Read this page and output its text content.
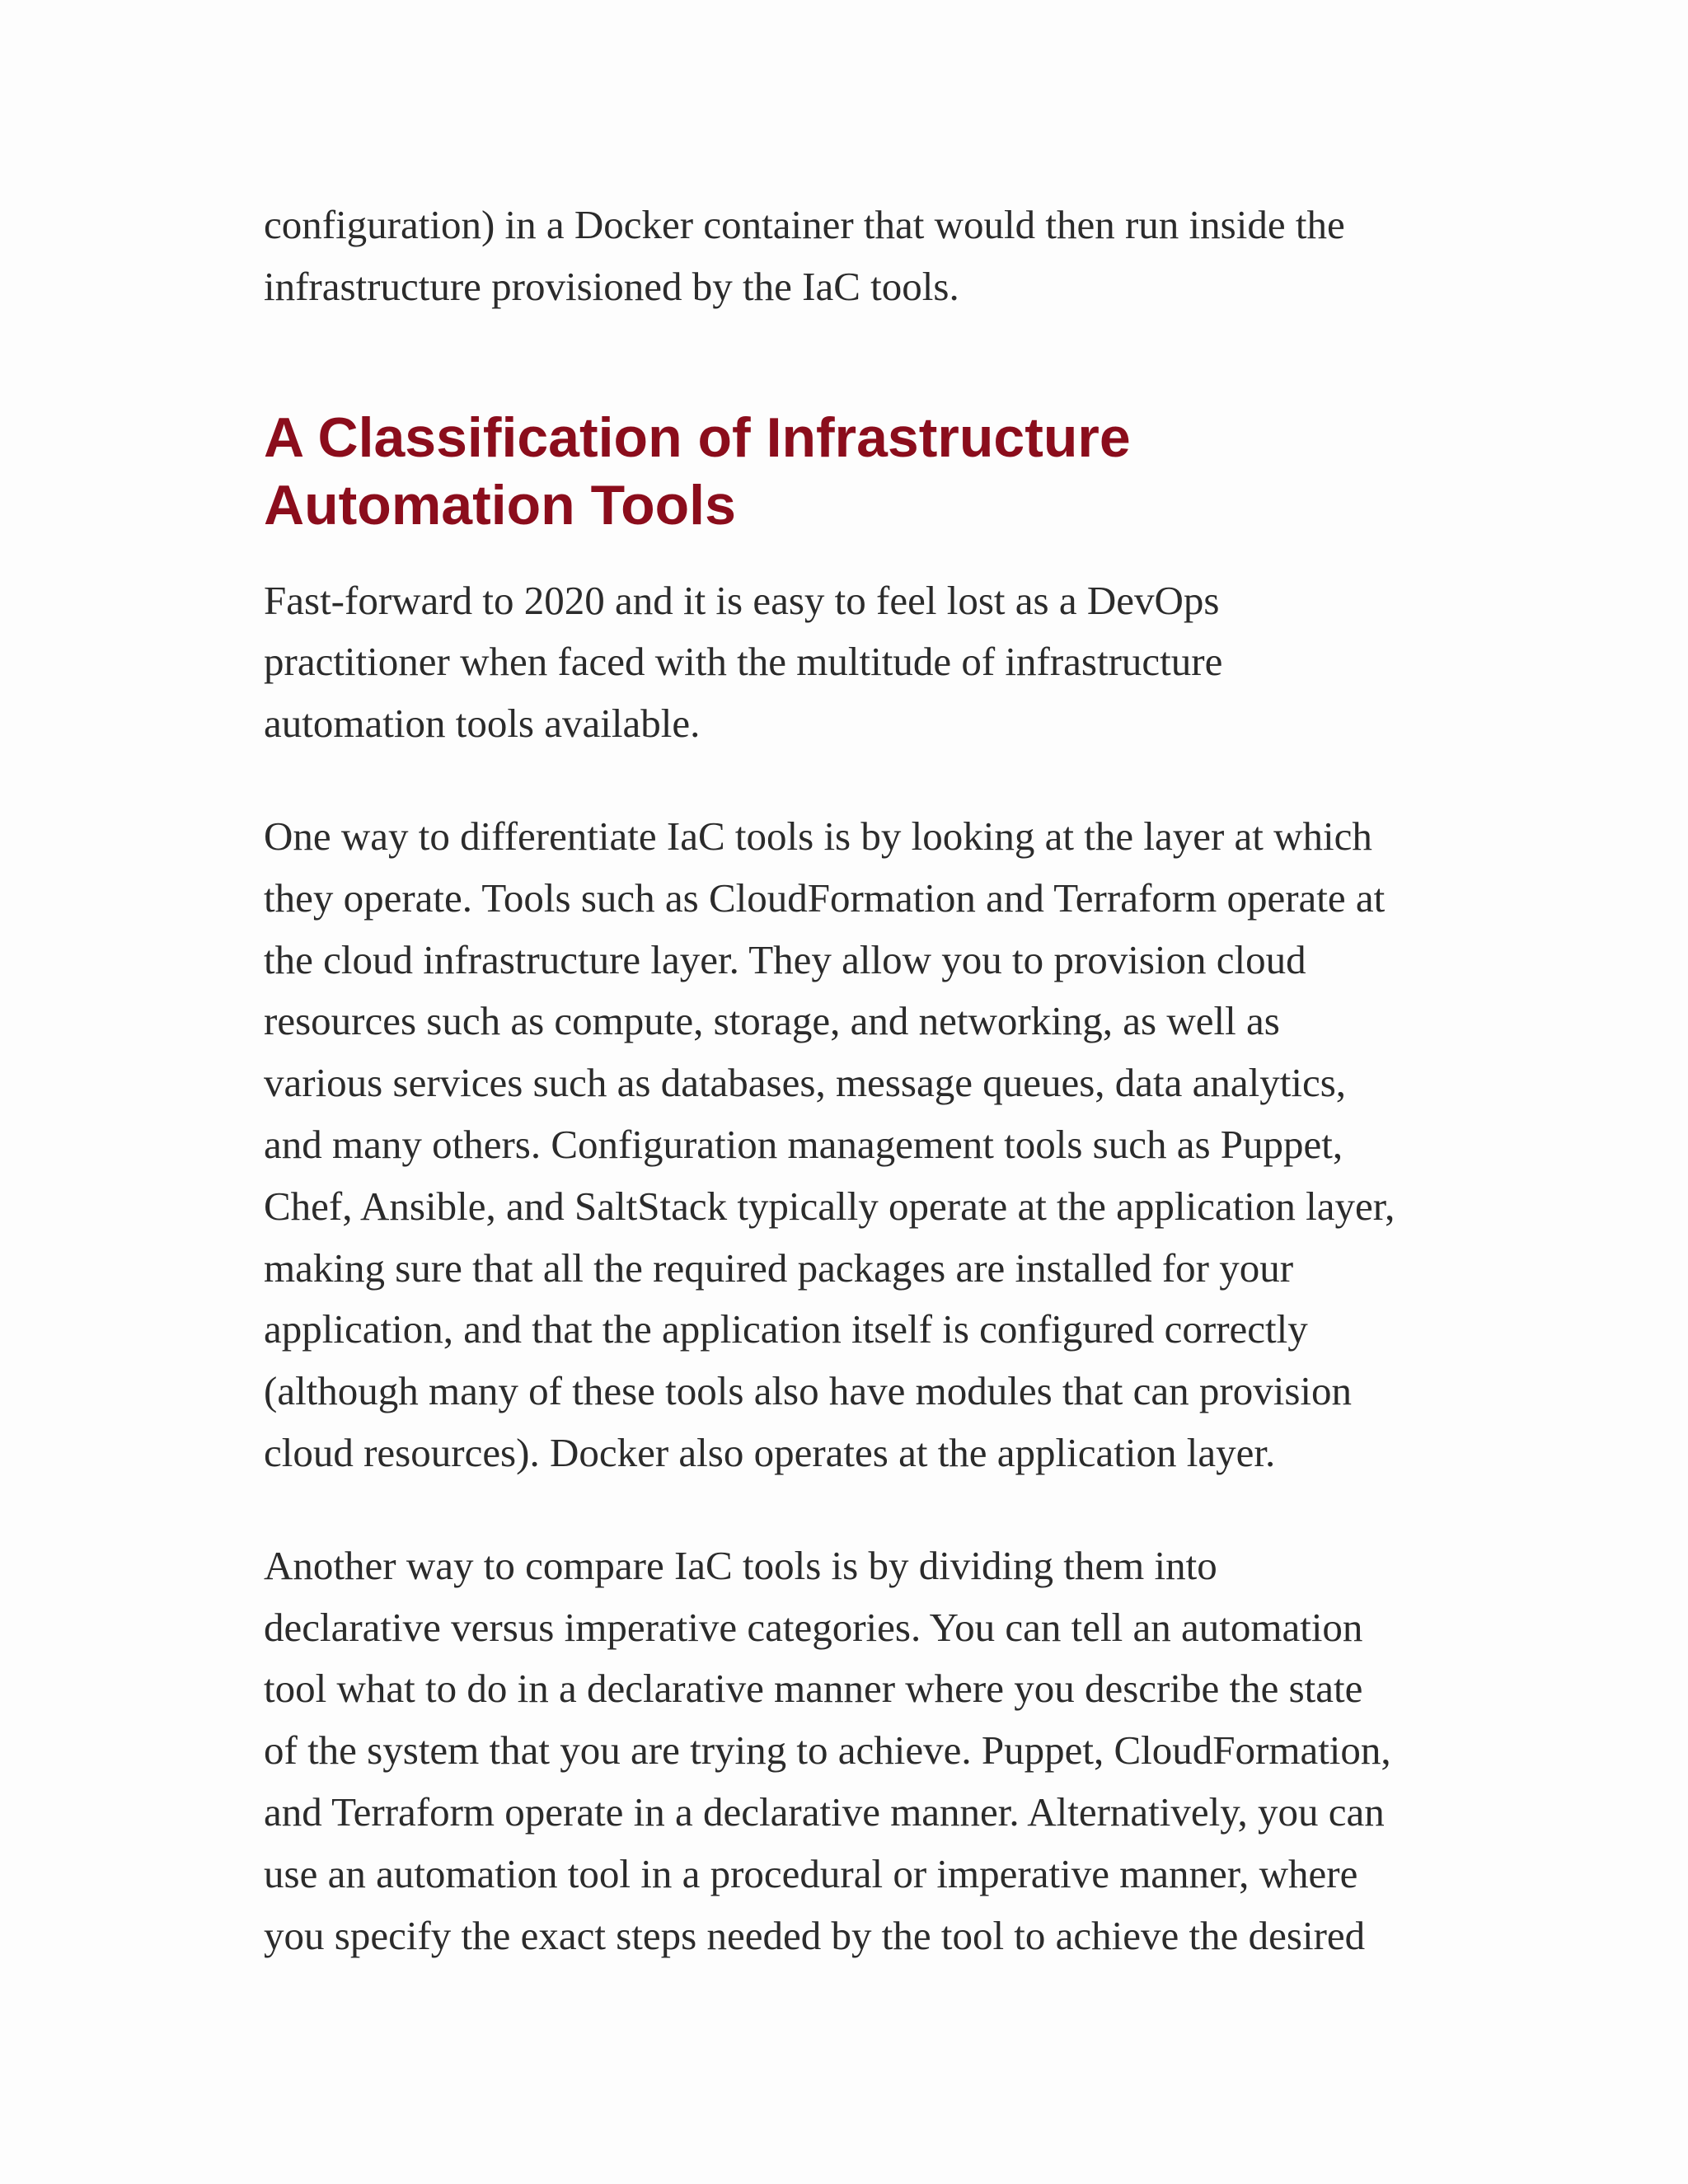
configuration) in a Docker container that would then run inside the
infrastructure provisioned by the IaC tools.

A Classification of Infrastructure
Automation Tools

Fast-forward to 2020 and it is easy to feel lost as a DevOps
practitioner when faced with the multitude of infrastructure
automation tools available.

One way to differentiate IaC tools is by looking at the layer at which
they operate. Tools such as CloudFormation and Terraform operate at
the cloud infrastructure layer. They allow you to provision cloud
resources such as compute, storage, and networking, as well as
various services such as databases, message queues, data analytics,
and many others. Configuration management tools such as Puppet,
Chef, Ansible, and SaltStack typically operate at the application layer,
making sure that all the required packages are installed for your
application, and that the application itself is configured correctly
(although many of these tools also have modules that can provision
cloud resources). Docker also operates at the application layer.

Another way to compare IaC tools is by dividing them into
declarative versus imperative categories. You can tell an automation
tool what to do in a declarative manner where you describe the state
of the system that you are trying to achieve. Puppet, CloudFormation,
and Terraform operate in a declarative manner. Alternatively, you can
use an automation tool in a procedural or imperative manner, where
you specify the exact steps needed by the tool to achieve the desired
